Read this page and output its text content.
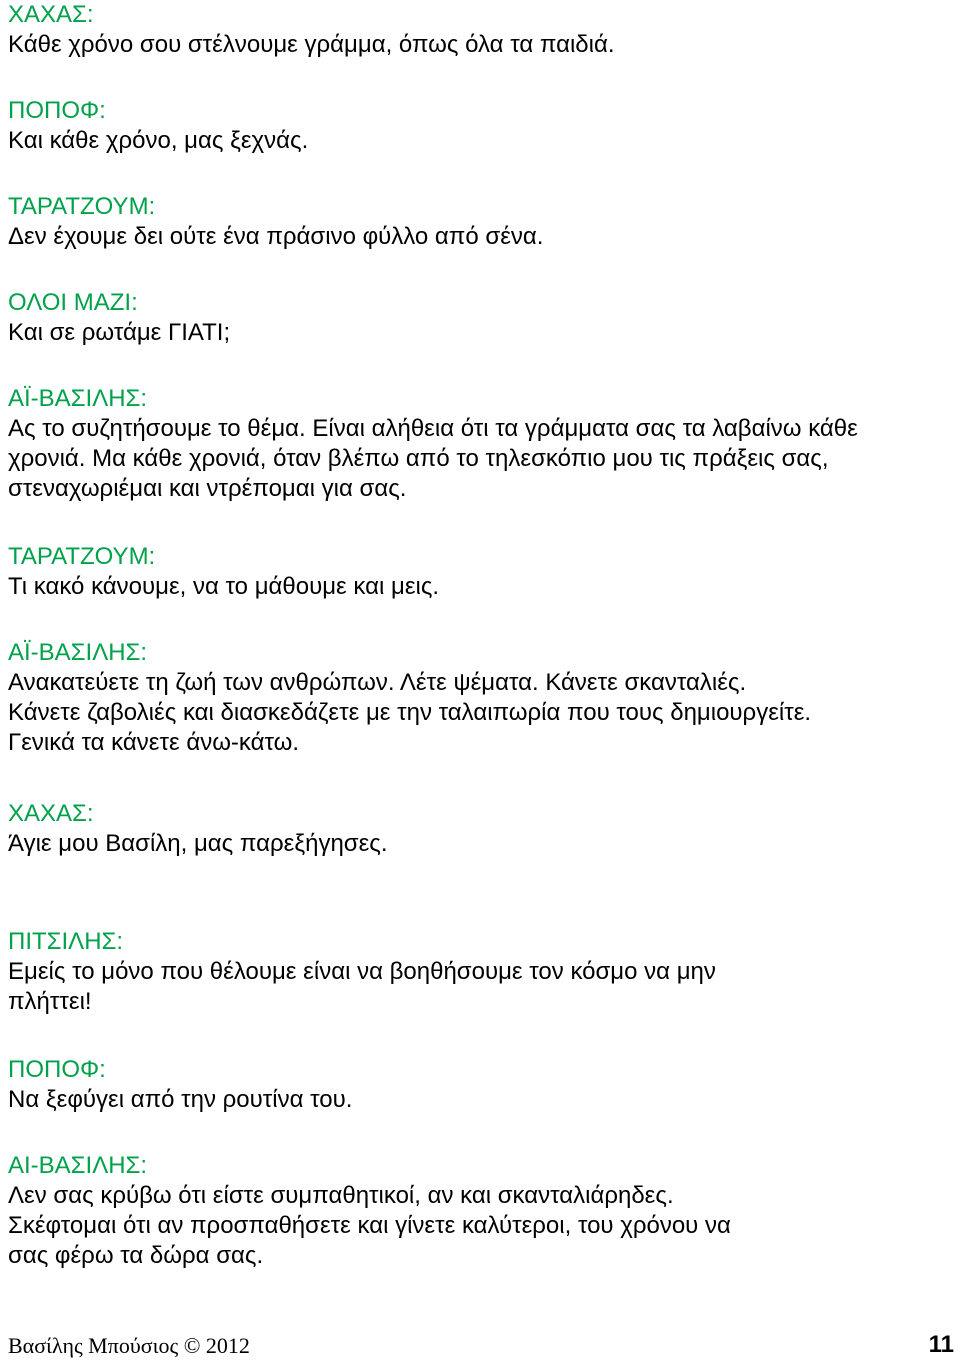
ΧΑΧΑΣ:

Κάθε χρόνο σου στέλνουμε γράμμα, όπως όλα τα παιδιά.

ΠΟΠΟΦ:

Και κάθε χρόνο, μας ξεχνάς.

ΤΑΡΑΤΖΟΥΜ:

Δεν έχουμε δει ούτε ένα πράσινο φύλλο από σένα.

ΟΛΟΙ ΜΑΖΙ:

Και σε ρωτάμε ΓΙΑΤΙ;

ΑΪ-ΒΑΣΙΛΗΣ:

Ας το συζητήσουμε το θέμα. Είναι αλήθεια ότι τα γράμματα σας τα λαβαίνω κάθε

χρονιά. Μα κάθε χρονιά, όταν βλέπω από το τηλεσκόπιο μου τις πράξεις σας,

στεναχωριέμαι και ντρέπομαι για σας.

ΤΑΡΑΤΖΟΥΜ:

Τι κακό κάνουμε, να το μάθουμε και μεις.

ΑΪ-ΒΑΣΙΛΗΣ:

Ανακατεύετε τη ζωή των ανθρώπων. Λέτε ψέματα. Κάνετε σκανταλιές.

Κάνετε ζαβολιές και διασκεδάζετε με την ταλαιπωρία που τους δημιουργείτε.

Γενικά τα κάνετε άνω-κάτω.

ΧΑΧΑΣ:

Άγιε μου Βασίλη, μας παρεξήγησες.

ΠΙΤΣΙΛΗΣ:

Εμείς το μόνο που θέλουμε είναι να βοηθήσουμε τον κόσμο να μην

πλήττει!

ΠΟΠΟΦ:

Να ξεφύγει από την ρουτίνα του.

ΑΙ-ΒΑΣΙΛΗΣ:

Λεν σας κρύβω ότι είστε συμπαθητικοί, αν και σκανταλιάρηδες.

Σκέφτομαι ότι αν προσπαθήσετε και γίνετε καλύτεροι, του χρόνου να

σας φέρω τα δώρα σας.

Βασίλης Μπούσιος © 2012	11
